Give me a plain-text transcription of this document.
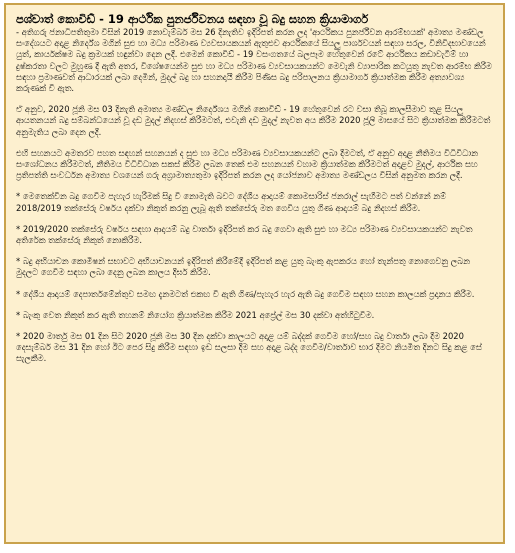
පශ්චාත් කොවිඩ් - 19 ආර්ථික පුනර්ජීවනය සඳහා වූ බදු සහන ක්‍රියාමාර්ග
- අතිගරු ජනාධිපතිතුමා විසින් 2019 නොවැම්බර් මස 26 දිනැතිව ඉදිරිපත් කරන ලද 'ආර්ථිකය පුනර්ජීවන ආරම්භයක්' අමාත්‍ය මණ්ඩල සංදේශයට අදාළ නිර්දේශ මගින් සුළු හා මධ්‍ය පරිමාණ ව්‍යවසායකයන් ඇතුළුව ආර්ථිකයේ සියලු පාර්ශවයන් සඳහා සරල, විනිවිදභාවයෙන් යුත්, කාර්යක්ෂම බදු ක්‍රමයක් හඳුන්වා දෙන ලදී. එමෙන් කොවිඩ් - 19 වසංගතයේ බලපෑම හේතුවෙන් රටේ ආර්ථිකය කඩාවැටීම් හා දුෂ්කරතා වලට මුහුණ දී ඇති අතර, විශේෂයෙන්ම සුළු හා මධ්‍ය පරිමාණ ව්‍යවසායකයන්ට මෙවැනි ව්‍යාපාරික කටයුතු නැවත ආරම්භ කිරීම සඳහා ප්‍රමාණවත් ආධාරයක් ලබා දෙමින්, මුදල් බදු හා සහනදායී කිරීම පිණිස බදු පරිපාලනය ක්‍රියාමාර්ග ක්‍රියාත්මක කිරීම අත්‍යාවශ්‍ය කරුණක් වී ඇත.
ඒ අනුව, 2020 ජූනි මස 03 දිනැති අමාත්‍ය මණ්ඩල නිර්දේශය මගින් කොවිඩ් - 19 හේතුවෙන් රට වසා තිබූ කාලසීමාව තුළ සියලු ආයතනයන් බදු සම්බන්ධයෙන් වූ දඩ මුදල් නිදහස් කිරීමටත්, එවැනි දඩ මුදල් නැවත අය කිරීම 2020 ජූලි මාසයේ සිට ක්‍රියාත්මක කිරීමටත් අනුමැතිය ලබා දෙන ලදී.
එහි සහනයට අමතරව පහත සඳහන් සහනයන් ද සුළු හා මධ්‍ය පරිමාණ ව්‍යවසායකයන්ට ලබා දීමටත්, ඒ අනුව අදාළ නීතිමය විධිවිධාන සංශෝධනය කිරීමටත්, නීතිමය විධිවිධාන සකස් කිරීම ලබන තෙක් එම සහනයන් වහාම ක්‍රියාත්මක කිරීමටත් අදාළව මුදල්, ආර්ථික සහ ප්‍රතිපත්ති සංවර්ධන අමාත්‍ය වශයෙන් ගරු අග්‍රාමාත්‍යතුමා ඉදිරිපත් කරන ලද යෝජනාව අමාත්‍ය මණ්ඩලය විසින් අනුමත කරන ලදී.
* මෙතෙක්වීන බදු ගෙවීම පැහැර හැරීමක් සිදු වී නොමැති බවට දේශීය ආදායම් කොමසාරිස් ජනරාල් සැහීමට පත් වන්නේ නම් 2018/2019 තක්සේරු වර්ෂය දක්වා නිකුත් කරනු ලැබූ ඇති තක්සේරු මත ගෙවිය යුතු ගිණ ආදායම් බදු නිදහස් කිරීම.
* 2019/2020 තක්සේරු වර්ෂය සඳහා ආදායම් බදු වාර්තා ඉදිරිපත් කර බදු ගෙවා ඇති සුළු හා මධ්‍ය පරිමාණ ව්‍යවසායකයන්ට නැවත අතිරේක තක්සේරු නිකුත් නොකිරීම.
* බදු අභියාචන කොමිෂන් සභාවට අභියාචනයන් ඉදිරිපත් කිරීමේදී ඉදිරිපත් කළ යුතු බැංකු ඇපකරය හෝ තැන්පතු නොගෙවනු ලබන මුදලට ගෙවීම සඳහා ලබා දෙනු ලබන කාලය දීර්ඝ කිරීම.
* දේශීය ආදායම් දෙපාර්තමේන්තුව සමඟ දැනමටත් එකඟ වී ඇති ගිණ/පැහැර හැර ඇති බදු ගෙවීම සඳහා සහන කාලයක් ප්‍රදානය කිරීම.
* බැංකු වෙත නිකුත් කර ඇති තහනම් නියෝග ක්‍රියාත්මක කිරීම 2021 අප්‍රේල් මස 30 දක්වා අත්හිටුවීම.
* 2020 මාර්තු මස 01 දින සිට 2020 ජූනි මස 30 දින දක්වා කාලයට අදාළ යම් බද්දක් ගෙවීම හෝ/සහ බදු වාර්තා ලබා දීම 2020 දෙසැම්බර් මස 31 දින හෝ ඊට පෙර සිදු කිරීම සඳහා ඉඩ සලසා දීම සහ අදාළ බද්ද ගෙවීම/වාර්තාව භාර දීමට නියමිත දිනට සිදු කළ සේ සැලකීම.
